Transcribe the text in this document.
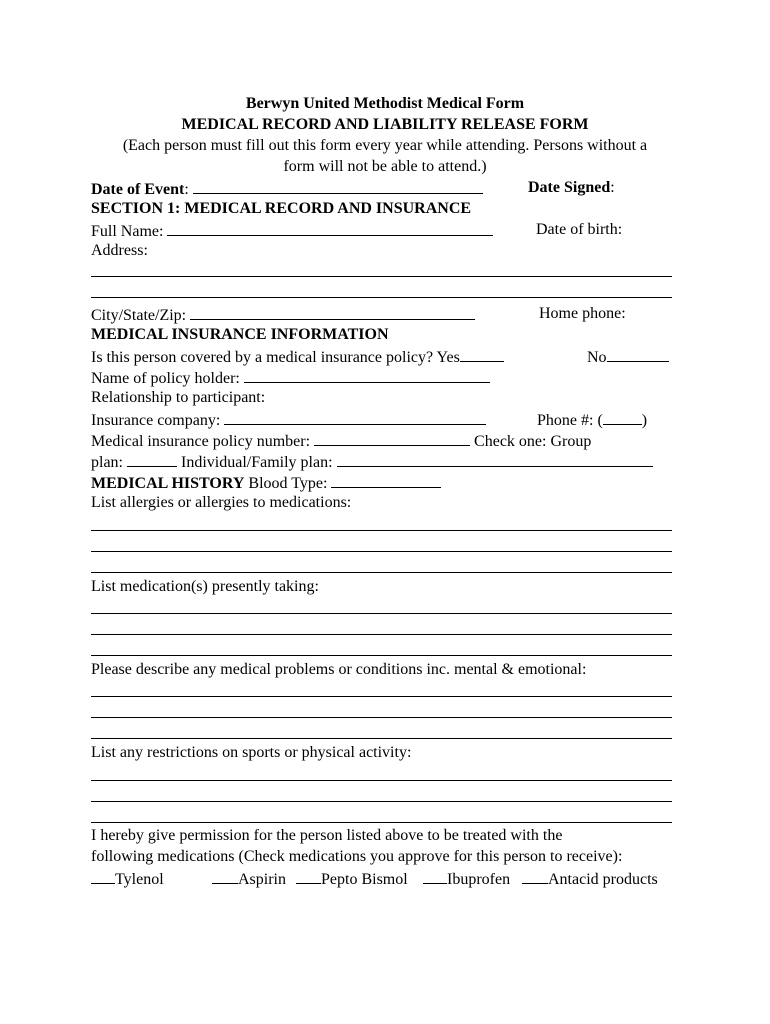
Berwyn United Methodist Medical Form
MEDICAL RECORD AND LIABILITY RELEASE FORM
(Each person must fill out this form every year while attending. Persons without a
form will not be able to attend.)
Date of Event:	Date Signed:
SECTION 1: MEDICAL RECORD AND INSURANCE
Full Name:	Date of birth:
Address:
City/State/Zip:	Home phone:
MEDICAL INSURANCE INFORMATION
Is this person covered by a medical insurance policy? Yes	No
Name of policy holder:
Relationship to participant:
Insurance company:	Phone #: ( )
Medical insurance policy number:	Check one: Group
plan:	Individual/Family plan:
MEDICAL HISTORY Blood Type:
List allergies or allergies to medications:
List medication(s) presently taking:
Please describe any medical problems or conditions inc. mental & emotional:
List any restrictions on sports or physical activity:
I hereby give permission for the person listed above to be treated with the
following medications (Check medications you approve for this person to receive):
Tylenol	Aspirin	Pepto Bismol	Ibuprofen	Antacid products
